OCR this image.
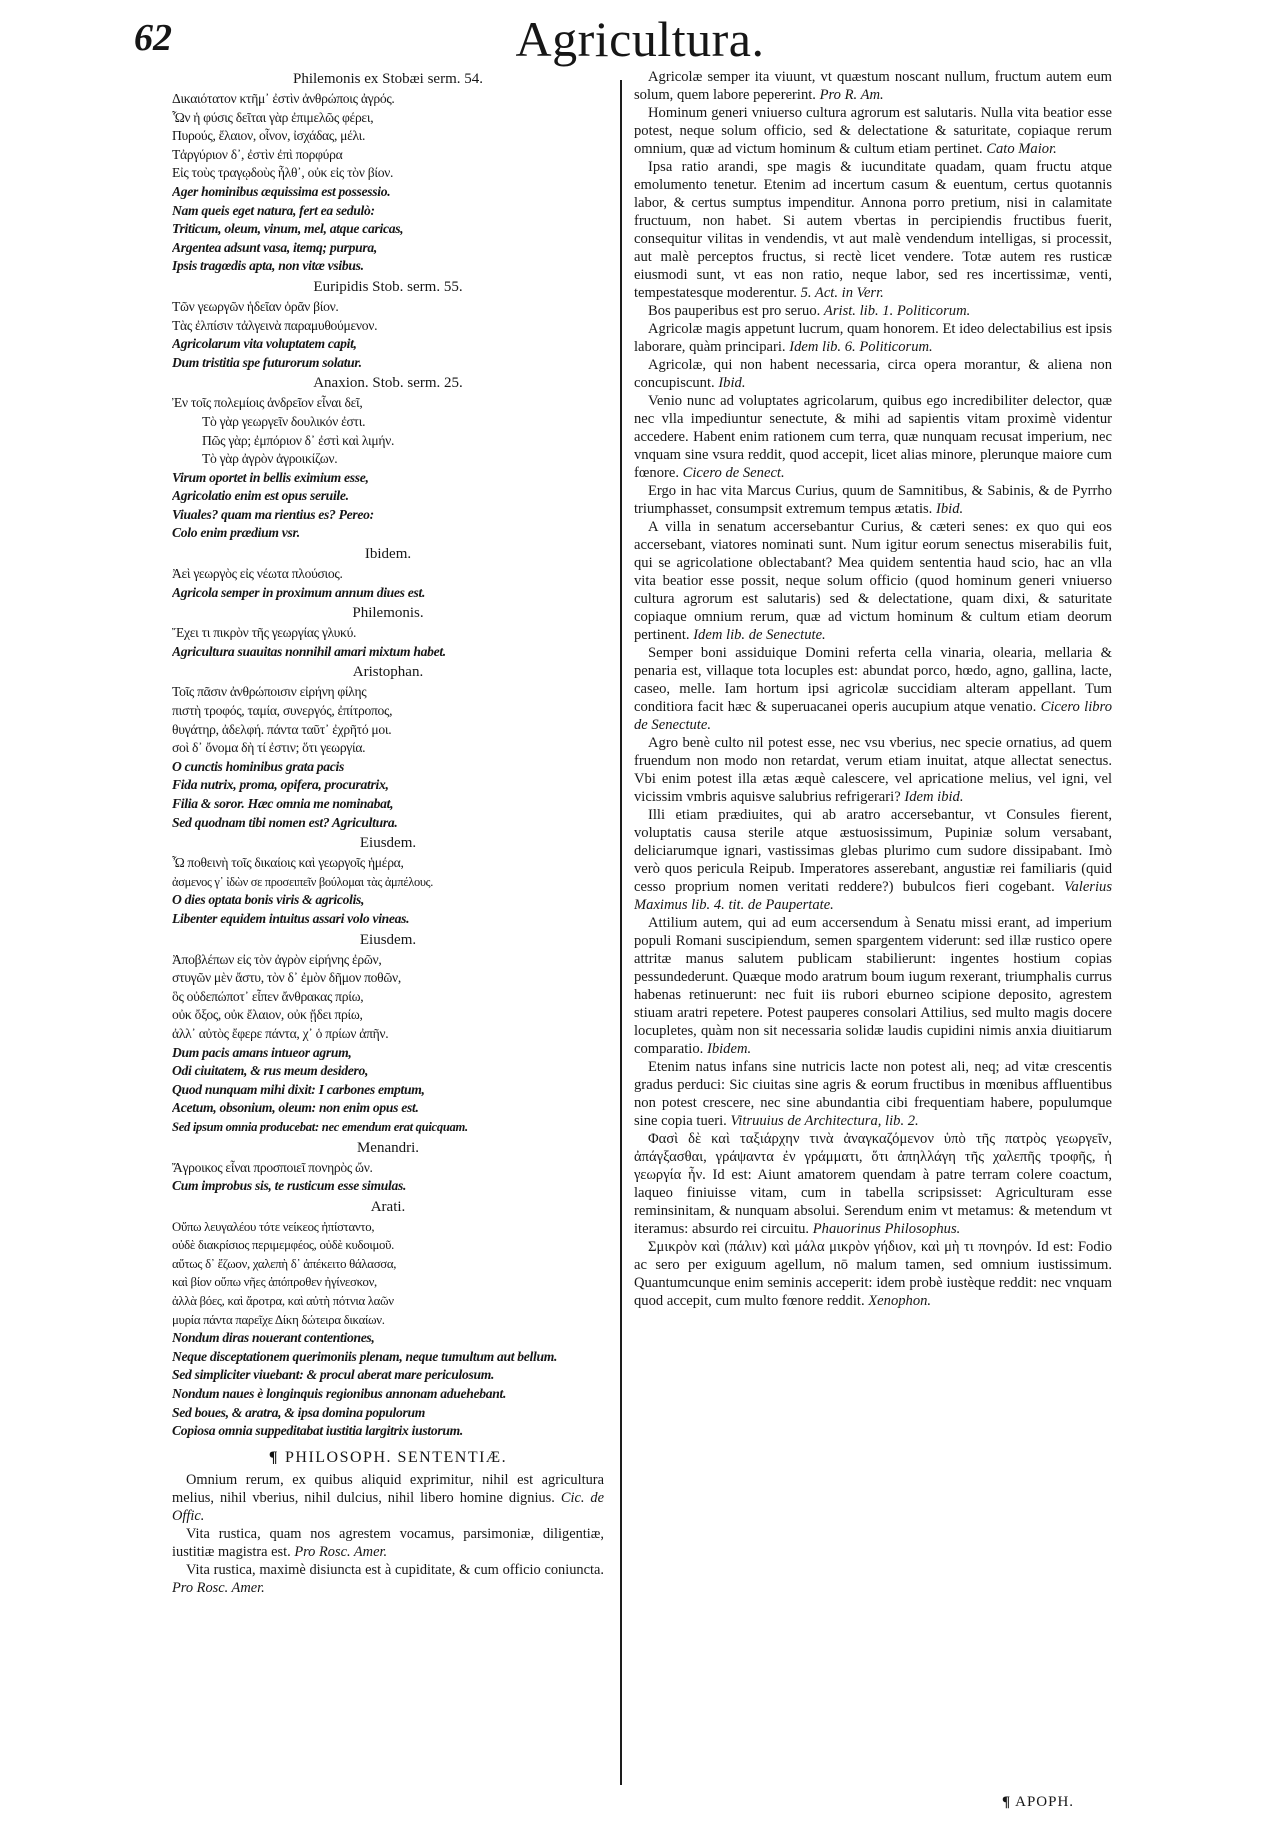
62	Agricultura.

Philemonis ex Stobæi serm. 54.

Δικαιότατον κτῆμ᾽ ἐστὶν ἀνθρώποις ἀγρός.
Ὧν ἡ φύσις δεῖται γὰρ ἐπιμελῶς φέρει,
Πυρούς, ἔλαιον, οἶνον, ἰσχάδας, μέλι.
Τἀργύριον δ᾽, ἐστὶν ἐπὶ πορφύρα
Εἰς τοὺς τραγῳδοὺς ἦλθ᾽, οὐκ εἰς τὸν βίον.
Ager hominibus æquissima est possessio.
Nam queis eget natura, fert ea sedulò:
Triticum, oleum, vinum, mel, atque caricas,
Argentea adsunt vasa, itemq; purpura,
Ipsis tragœdis apta, non vitæ vsibus.

Euripidis Stob. serm. 55.

Τῶν γεωργῶν ἡδεῖαν ὁρᾶν βίον.
Τὰς ἐλπίσιν τἀλγεινὰ παραμυθούμενον.
Agricolarum vita voluptatem capit,
Dum tristitia spe futurorum solatur.

Anaxion. Stob. serm. 25.

Ἐν τοῖς πολεμίοις ἀνδρεῖον εἶναι δεῖ,
Τὸ γὰρ γεωργεῖν δουλικόν ἐστι.
Πῶς γὰρ; ἐμπόριον δ᾽ ἐστὶ καὶ λιμήν.
Τὸ γὰρ ἀγρὸν ἀγροικίζων.
Virum oportet in bellis eximium esse,
Agricolatio enim est opus seruile.
Viuales? quam ma rientius es? Pereo:
Colo enim prædium vsr.

Ibidem.

Ἀεὶ γεωργὸς εἰς νέωτα πλούσιος.
Agricola semper in proximum annum diues est.

Philemonis.

Ἔχει τι πικρὸν τῆς γεωργίας γλυκύ.
Agricultura suauitas nonnihil amari mixtum habet.

Aristophan.

Τοῖς πᾶσιν ἀνθρώποισιν εἰρήνη φίλης
πιστὴ τροφός, ταμία, συνεργός, ἐπίτροπος,
θυγάτηρ, ἀδελφή. πάντα ταῦτ᾽ ἐχρῆτό μοι.
σοὶ δ᾽ ὄνομα δὴ τί ἐστιν; ὅτι γεωργία.
O cunctis hominibus grata pacis
Fida nutrix, proma, opifera, procuratrix,
Filia & soror. Hæc omnia me nominabat,
Sed quodnam tibi nomen est? Agricultura.

Eiusdem.

Ὦ ποθεινὴ τοῖς δικαίοις καὶ γεωργοῖς ἡμέρα,
ἀσμενος γ᾽ ἰδὼν σε προσειπεῖν βούλομαι τὰς ἀμπέλους.
O dies optata bonis viris & agricolis,
Libenter equidem intuitus assari volo vineas.

Eiusdem.

Ἀποβλέπων εἰς τὸν ἀγρὸν εἰρήνης ἐρῶν,
στυγῶν μὲν ἄστυ, τὸν δ᾽ ἐμὸν δῆμον ποθῶν,
ὃς οὐδεπώποτ᾽ εἶπεν ἄνθρακας πρίω,
οὐκ ὄξος, οὐκ ἔλαιον, οὐκ ᾔδει πρίω,
ἀλλ᾽ αὐτὸς ἔφερε πάντα, χ᾽ ὁ πρίων ἀπῆν.
Dum pacis amans intueor agrum,
Odi ciuitatem, & rus meum desidero,
Quod nunquam mihi dixit: I carbones emptum,
Acetum, obsonium, oleum: non enim opus est.
Sed ipsum omnia producebat: nec emendum erat quicquam.

Menandri.

Ἄγροικος εἶναι προσποιεῖ πονηρὸς ὤν.
Cum improbus sis, te rusticum esse simulas.

Arati.

Οὔπω λευγαλέου τότε νείκεος ἠπίσταντο,
οὐδὲ διακρίσιος περιμεμφέος, οὐδὲ κυδοιμοῦ.
αὔτως δ᾽ ἔζωον, χαλεπὴ δ᾽ ἀπέκειτο θάλασσα,
καὶ βίον οὔπω νῆες ἀπόπροθεν ἠγίνεσκον,
ἀλλὰ βόες, καὶ ἄροτρα, καὶ αὐτὴ πότνια λαῶν
μυρία πάντα παρεῖχε Δίκη δώτειρα δικαίων.
Nondum diras nouerant contentiones,
Neque disceptationem querimoniis plenam, neque tumultum aut bellum.
Sed simpliciter viuebant: & procul aberat mare periculosum.
Nondum naues è longinquis regionibus annonam aduehebant.
Sed boues, & aratra, & ipsa domina populorum
Copiosa omnia suppeditabat iustitia largitrix iustorum.

¶ PHILOSOPH. SENTENTIÆ.

Omnium rerum, ex quibus aliquid exprimitur, nihil est agricultura melius, nihil vberius, nihil dulcius, nihil libero homine dignius. Cic. de Offic.

Vita rustica, quam nos agrestem vocamus, parsimoniæ, diligentiæ, iustitiæ magistra est. Pro Rosc. Amer.

Vita rustica, maximè disiuncta est à cupiditate, & cum officio coniuncta. Pro Rosc. Amer.

Agricolæ semper ita viuunt, vt quæstum noscant nullum, fructum autem eum solum, quem labore pepererint. Pro R. Am.

Hominum generi vniuerso cultura agrorum est salutaris. Nulla vita beatior esse potest, neque solum officio, sed & delectatione & saturitate, copiaque rerum omnium, quæ ad victum hominum & cultum etiam pertinet. Cato Maior.

Ipsa ratio arandi, spe magis & iucunditate quadam, quam fructu atque emolumento tenetur. Etenim ad incertum casum & euentum, certus quotannis labor, & certus sumptus impenditur. Annona porro pretium, nisi in calamitate fructuum, non habet. Si autem vbertas in percipiendis fructibus fuerit, consequitur vilitas in vendendis, vt aut malè vendendum intelligas, si processit, aut malè perceptos fructus, si rectè licet vendere. Totæ autem res rusticæ eiusmodi sunt, vt eas non ratio, neque labor, sed res incertissimæ, venti, tempestatesque moderentur. 5. Act. in Verr.

Bos pauperibus est pro seruo. Arist. lib. 1. Politicorum.

Agricolæ magis appetunt lucrum, quam honorem. Et ideo delectabilius est ipsis laborare, quàm principari. Idem lib. 6. Politicorum.

Agricolæ, qui non habent necessaria, circa opera morantur, & aliena non concupiscunt. Ibid.

Venio nunc ad voluptates agricolarum, quibus ego incredibiliter delector, quæ nec vlla impediuntur senectute, & mihi ad sapientis vitam proximè videntur accedere. Habent enim rationem cum terra, quæ nunquam recusat imperium, nec vnquam sine vsura reddit, quod accepit, licet alias minore, plerunque maiore cum fœnore. Cicero de Senect.

Ergo in hac vita Marcus Curius, quum de Samnitibus, & Sabinis, & de Pyrrho triumphasset, consumpsit extremum tempus ætatis. Ibid.

A villa in senatum accersebantur Curius, & cæteri senes: ex quo qui eos accersebant, viatores nominati sunt. Num igitur eorum senectus miserabilis fuit, qui se agricolatione oblectabant? Mea quidem sententia haud scio, hac an vlla vita beatior esse possit, neque solum officio (quod hominum generi vniuerso cultura agrorum est salutaris) sed & delectatione, quam dixi, & saturitate copiaque omnium rerum, quæ ad victum hominum & cultum etiam deorum pertinent. Idem lib. de Senectute.

Semper boni assiduique Domini referta cella vinaria, olearia, mellaria & penaria est, villaque tota locuples est: abundat porco, hœdo, agno, gallina, lacte, caseo, melle. Iam hortum ipsi agricolæ succidiam alteram appellant. Tum conditiora facit hæc & superuacanei operis aucupium atque venatio. Cicero libro de Senectute.

Agro benè culto nil potest esse, nec vsu vberius, nec specie ornatius, ad quem fruendum non modo non retardat, verum etiam inuitat, atque allectat senectus. Vbi enim potest illa ætas æquè calescere, vel apricatione melius, vel igni, vel vicissim vmbris aquisve salubrius refrigerari? Idem ibid.

Illi etiam prædiuites, qui ab aratro accersebantur, vt Consules fierent, voluptatis causa sterile atque æstuosissimum, Pupiniæ solum versabant, deliciarumque ignari, vastissimas glebas plurimo cum sudore dissipabant. Imò verò quos pericula Reipub. Imperatores asserebant, angustiæ rei familiaris (quid cesso proprium nomen veritati reddere?) bubulcos fieri cogebant. Valerius Maximus lib. 4. tit. de Paupertate.

Attilium autem, qui ad eum accersendum à Senatu missi erant, ad imperium populi Romani suscipiendum, semen spargentem viderunt: sed illæ rustico opere attritæ manus salutem publicam stabilierunt: ingentes hostium copias pessundederunt. Quæque modo aratrum boum iugum rexerant, triumphalis currus habenas retinuerunt: nec fuit iis rubori eburneo scipione deposito, agrestem stiuam aratri repetere. Potest pauperes consolari Attilius, sed multo magis docere locupletes, quàm non sit necessaria solidæ laudis cupidini nimis anxia diuitiarum comparatio. Ibidem.

Etenim natus infans sine nutricis lacte non potest ali, neq; ad vitæ crescentis gradus perduci: Sic ciuitas sine agris & eorum fructibus in mœnibus affluentibus non potest crescere, nec sine abundantia cibi frequentiam habere, populumque sine copia tueri. Vitruuius de Architectura, lib. 2.

Φασὶ δὲ καὶ ταξιάρχην τινὰ ἀναγκαζόμενον ὑπὸ τῆς πατρὸς γεωργεῖν, ἀπάγξασθαι, γράψαντα ἐν γράμματι, ὅτι ἀπηλλάγη τῆς χαλεπῆς τροφῆς, ἡ γεωργία ἦν. Id est: Aiunt amatorem quendam à patre terram colere coactum, laqueo finiuisse vitam, cum in tabella scripsisset: Agriculturam esse reminsinitam, & nunquam absolui. Serendum enim vt metamus: & metendum vt iteramus: absurdo rei circuitu. Phauorinus Philosophus.

Σμικρὸν καὶ (πάλιν) καὶ μάλα μικρὸν γήδιον, καὶ μὴ τι πονηρόν. Id est: Fodio ac sero per exiguum agellum, nō malum tamen, sed omnium iustissimum. Quantumcunque enim seminis acceperit: idem probè iustèque reddit: nec vnquam quod accepit, cum multo fœnore reddit. Xenophon.

¶ APOPH.
